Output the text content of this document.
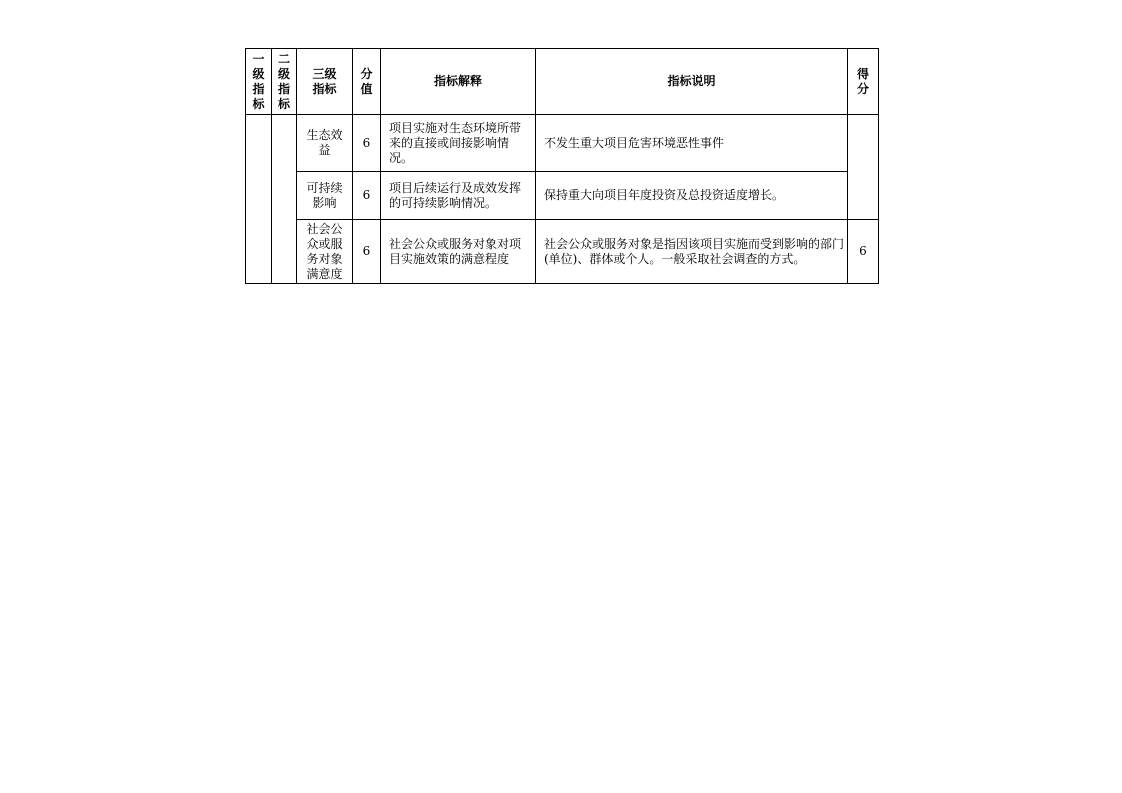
一级指标	二级指标	三级指标	分值	指标解释	指标说明	得分

		生态效益	6	项目实施对生态环境所带来的直接或间接影响情况。	不发生重大项目危害环境恶性事件	

		可持续影响	6	项目后续运行及成效发挥的可持续影响情况。	保持重大向项目年度投资及总投资适度增长。	

		社会公众或服务对象满意度	6	社会公众或服务对象对项目实施效策的满意程度	社会公众或服务对象是指因该项目实施而受到影响的部门(单位)、群体或个人。一般采取社会调查的方式。	6
